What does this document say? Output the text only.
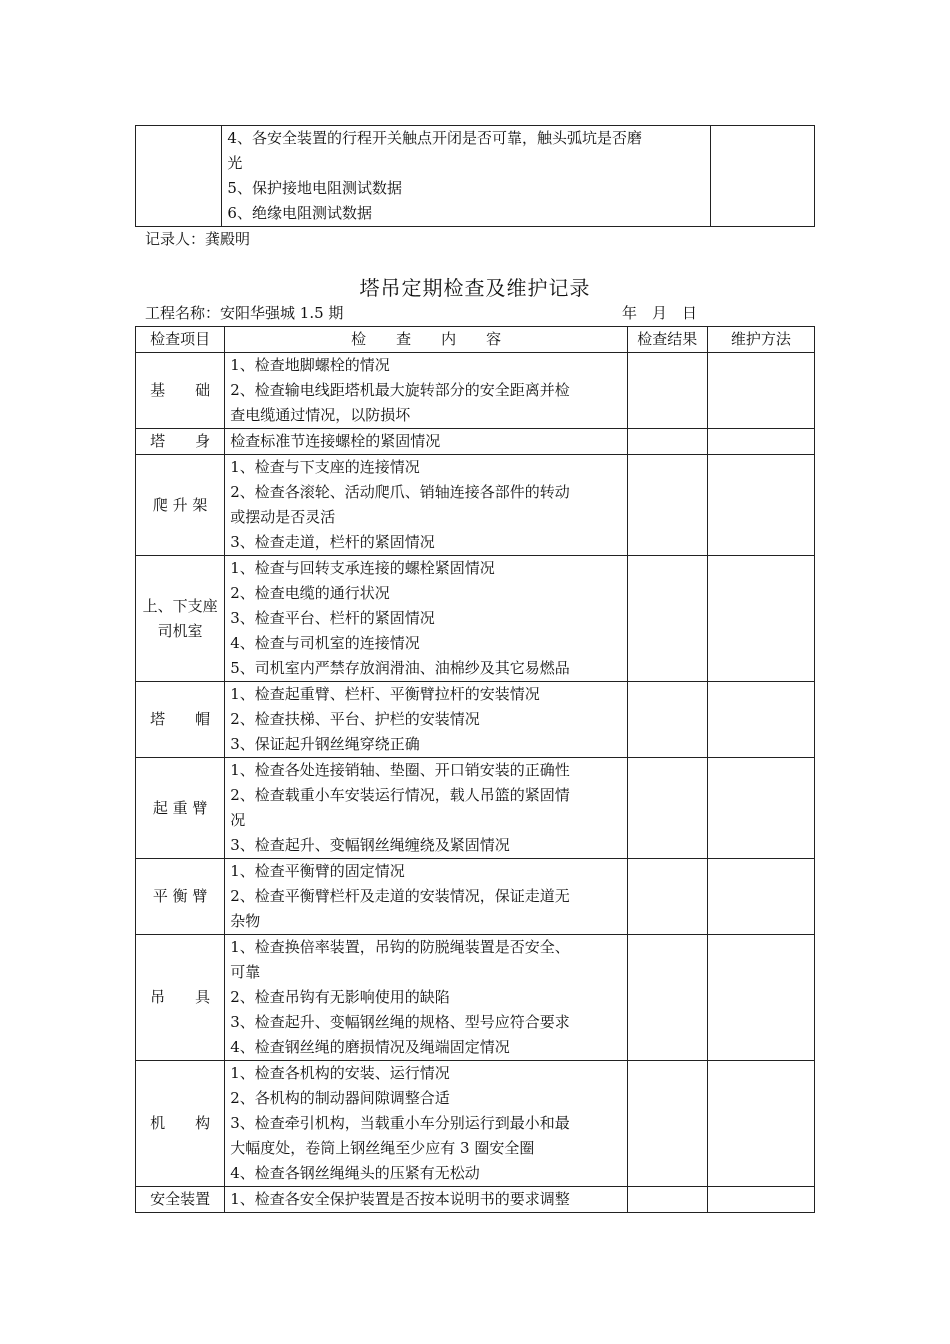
4、各安全装置的行程开关触点开闭是否可靠，触头弧坑是否磨
光
5、保护接地电阻测试数据
6、绝缘电阻测试数据

记录人：龚殿明
塔吊定期检查及维护记录
工程名称：安阳华强城 1.5 期	年　月　日
检查项目	检　　查　　内　　容	检查结果	维护方法
基　　础	1、检查地脚螺栓的情况
2、检查输电线距塔机最大旋转部分的安全距离并检
查电缆通过情况，以防损坏		

塔　　身	检查标准节连接螺栓的紧固情况		

爬 升 架	1、检查与下支座的连接情况
2、检查各滚轮、活动爬爪、销轴连接各部件的转动
或摆动是否灵活
3、检查走道，栏杆的紧固情况		

上、下支座 司机室	1、检查与回转支承连接的螺栓紧固情况
2、检查电缆的通行状况
3、检查平台、栏杆的紧固情况
4、检查与司机室的连接情况
5、司机室内严禁存放润滑油、油棉纱及其它易燃品		

塔　　帽	1、检查起重臂、栏杆、平衡臂拉杆的安装情况
2、检查扶梯、平台、护栏的安装情况
3、保证起升钢丝绳穿绕正确		

起 重 臂	1、检查各处连接销轴、垫圈、开口销安装的正确性
2、检查载重小车安装运行情况，载人吊篮的紧固情
况
3、检查起升、变幅钢丝绳缠绕及紧固情况		

平 衡 臂	1、检查平衡臂的固定情况
2、检查平衡臂栏杆及走道的安装情况，保证走道无
杂物		

吊　　具	1、检查换倍率装置，吊钩的防脱绳装置是否安全、
可靠
2、检查吊钩有无影响使用的缺陷
3、检查起升、变幅钢丝绳的规格、型号应符合要求
4、检查钢丝绳的磨损情况及绳端固定情况		

机　　构	1、检查各机构的安装、运行情况
2、各机构的制动器间隙调整合适
3、检查牵引机构，当载重小车分别运行到最小和最
大幅度处，卷筒上钢丝绳至少应有 3 圈安全圈
4、检查各钢丝绳绳头的压紧有无松动		

安全装置	1、检查各安全保护装置是否按本说明书的要求调整		
